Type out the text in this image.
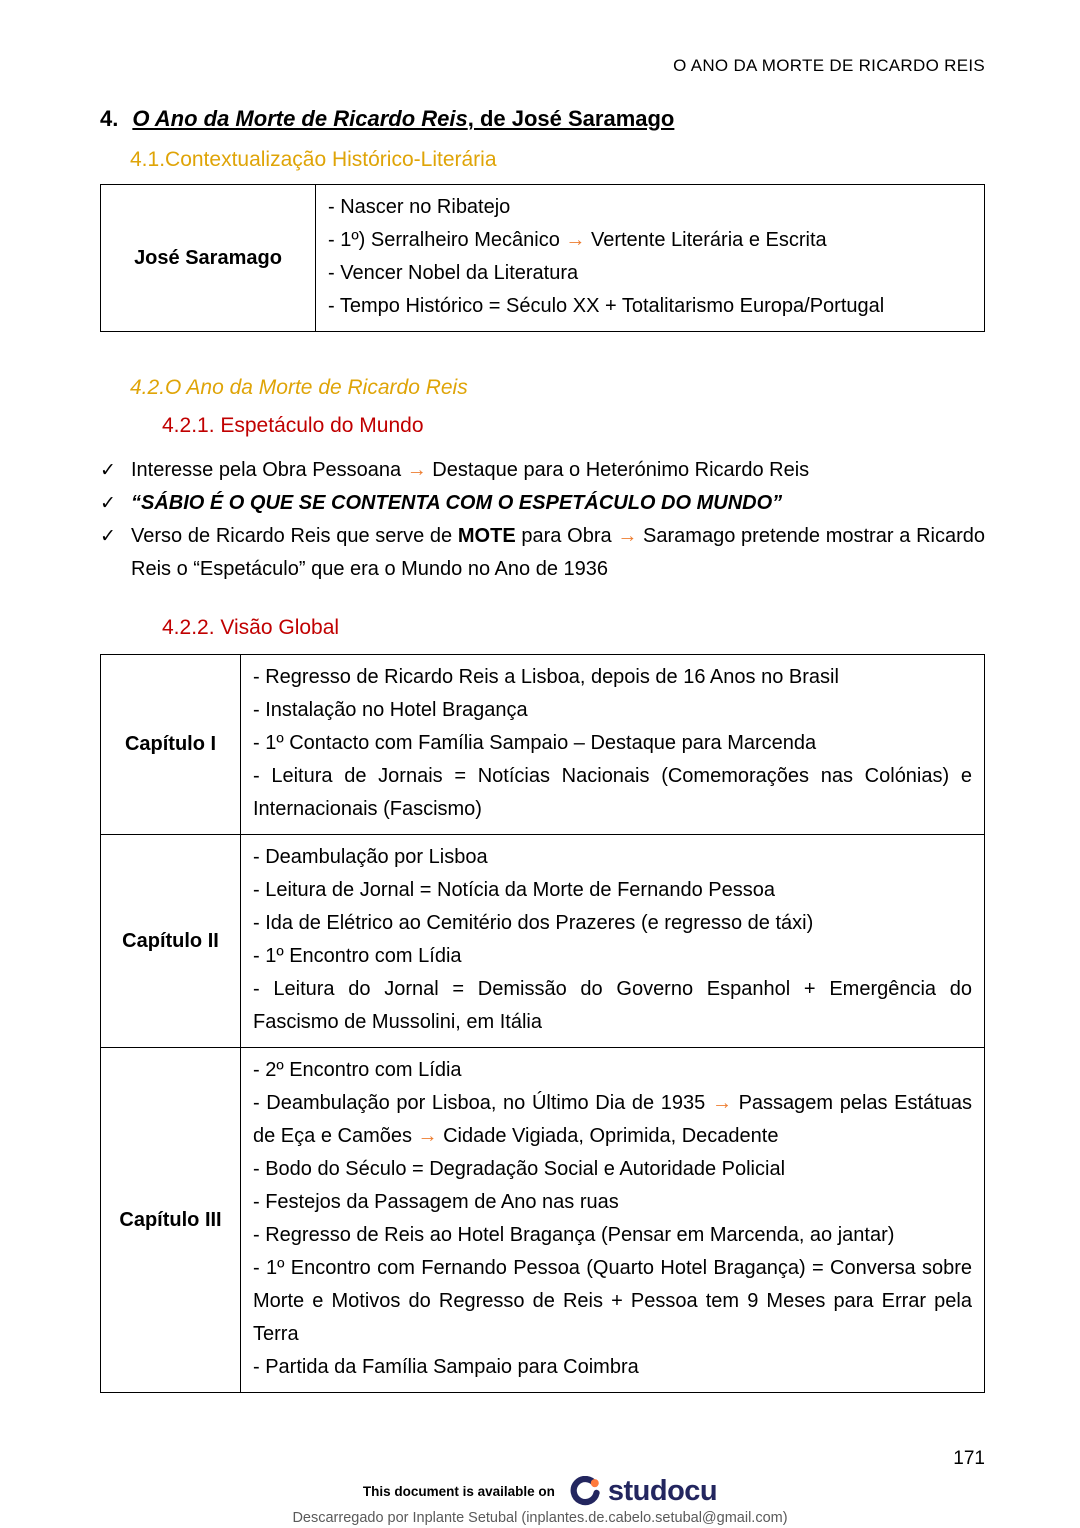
O ANO DA MORTE DE RICARDO REIS
4. O Ano da Morte de Ricardo Reis, de José Saramago
4.1.Contextualização Histórico-Literária
José Saramago	
- Nascer no Ribatejo
- 1º) Serralheiro Mecânico → Vertente Literária e Escrita
- Vencer Nobel da Literatura
- Tempo Histórico = Século XX + Totalitarismo Europa/Portugal
4.2.O Ano da Morte de Ricardo Reis
4.2.1. Espetáculo do Mundo
✓ Interesse pela Obra Pessoana → Destaque para o Heterónimo Ricardo Reis
✓ “SÁBIO É O QUE SE CONTENTA COM O ESPETÁCULO DO MUNDO”
✓ Verso de Ricardo Reis que serve de MOTE para Obra → Saramago pretende mostrar a Ricardo Reis o “Espetáculo” que era o Mundo no Ano de 1936
4.2.2. Visão Global
Capítulo I	- Regresso de Ricardo Reis a Lisboa, depois de 16 Anos no Brasil
- Instalação no Hotel Bragança
- 1º Contacto com Família Sampaio – Destaque para Marcenda
- Leitura de Jornais = Notícias Nacionais (Comemorações nas Colónias) e Internacionais (Fascismo)

Capítulo II	- Deambulação por Lisboa
- Leitura de Jornal = Notícia da Morte de Fernando Pessoa
- Ida de Elétrico ao Cemitério dos Prazeres (e regresso de táxi)
- 1º Encontro com Lídia
- Leitura do Jornal = Demissão do Governo Espanhol + Emergência do Fascismo de Mussolini, em Itália

Capítulo III	
- 2º Encontro com Lídia
- Deambulação por Lisboa, no Último Dia de 1935 → Passagem pelas Estátuas de Eça e Camões → Cidade Vigiada, Oprimida, Decadente
- Bodo do Século = Degradação Social e Autoridade Policial
- Festejos da Passagem de Ano nas ruas
- Regresso de Reis ao Hotel Bragança (Pensar em Marcenda, ao jantar)
- 1º Encontro com Fernando Pessoa (Quarto Hotel Bragança) = Conversa sobre Morte e Motivos do Regresso de Reis + Pessoa tem 9 Meses para Errar pela Terra
- Partida da Família Sampaio para Coimbra
171
This document is available on studocu
Descarregado por Inplante Setubal (inplantes.de.cabelo.setubal@gmail.com)
